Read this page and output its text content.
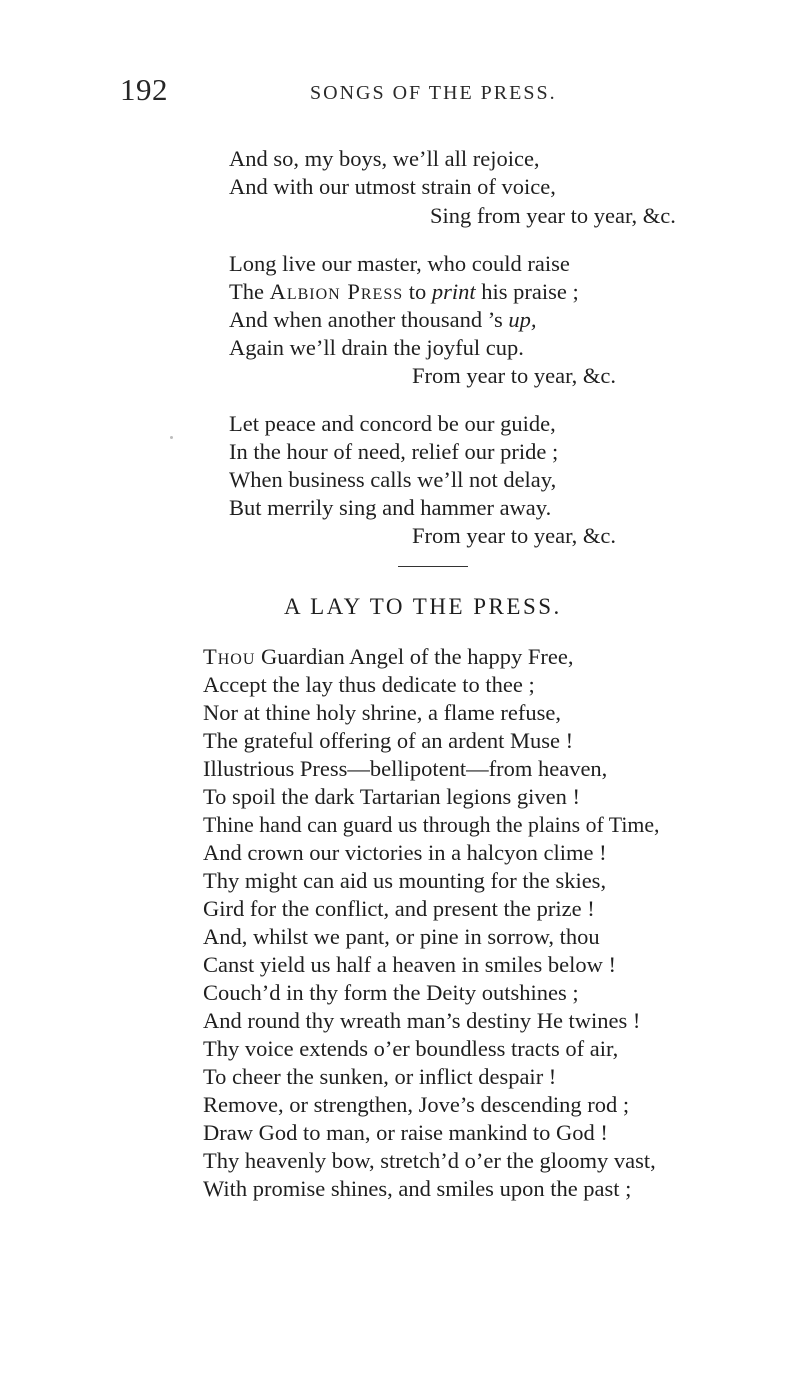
192	SONGS OF THE PRESS.
And so, my boys, we’ll all rejoice,
And with our utmost strain of voice,
Sing from year to year, &c.
Long live our master, who could raise
The Albion Press to print his praise ;
And when another thousand ’s up,
Again we’ll drain the joyful cup.
From year to year, &c.
Let peace and concord be our guide,
In the hour of need, relief our pride ;
When business calls we’ll not delay,
But merrily sing and hammer away.
From year to year, &c.
A LAY TO THE PRESS.
Thou Guardian Angel of the happy Free,
Accept the lay thus dedicate to thee ;
Nor at thine holy shrine, a flame refuse,
The grateful offering of an ardent Muse !
Illustrious Press—bellipotent—from heaven,
To spoil the dark Tartarian legions given !
Thine hand can guard us through the plains of Time,
And crown our victories in a halcyon clime !
Thy might can aid us mounting for the skies,
Gird for the conflict, and present the prize !
And, whilst we pant, or pine in sorrow, thou
Canst yield us half a heaven in smiles below !
Couch’d in thy form the Deity outshines ;
And round thy wreath man’s destiny He twines !
Thy voice extends o’er boundless tracts of air,
To cheer the sunken, or inflict despair !
Remove, or strengthen, Jove’s descending rod ;
Draw God to man, or raise mankind to God !
Thy heavenly bow, stretch’d o’er the gloomy vast,
With promise shines, and smiles upon the past ;
